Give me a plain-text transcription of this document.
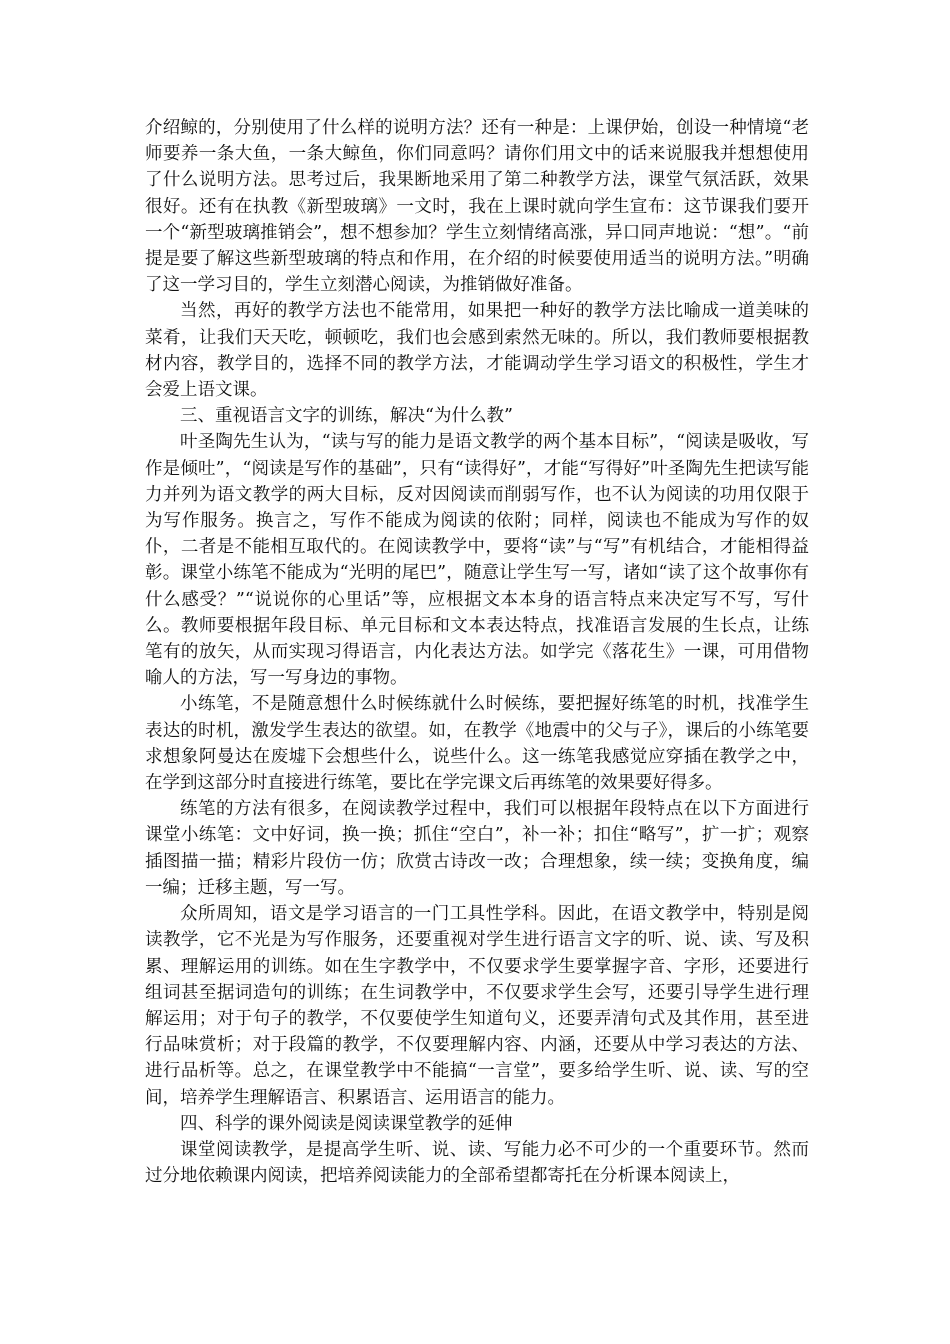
介绍鲸的，分别使用了什么样的说明方法？还有一种是：上课伊始，创设一种情境“老师要养一条大鱼，一条大鲸鱼，你们同意吗？请你们用文中的话来说服我并想想使用了什么说明方法。思考过后，我果断地采用了第二种教学方法，课堂气氛活跃，效果很好。还有在执教《新型玻璃》一文时，我在上课时就向学生宣布：这节课我们要开一个“新型玻璃推销会”，想不想参加？学生立刻情绪高涨，异口同声地说：“想”。“前提是要了解这些新型玻璃的特点和作用，在介绍的时候要使用适当的说明方法。”明确了这一学习目的，学生立刻潜心阅读，为推销做好准备。

当然，再好的教学方法也不能常用，如果把一种好的教学方法比喻成一道美味的菜肴，让我们天天吃，顿顿吃，我们也会感到索然无味的。所以，我们教师要根据教材内容，教学目的，选择不同的教学方法，才能调动学生学习语文的积极性，学生才会爱上语文课。

三、重视语言文字的训练，解决“为什么教”

叶圣陶先生认为，“读与写的能力是语文教学的两个基本目标”，“阅读是吸收，写作是倾吐”，“阅读是写作的基础”，只有“读得好”，才能“写得好”叶圣陶先生把读写能力并列为语文教学的两大目标，反对因阅读而削弱写作，也不认为阅读的功用仅限于为写作服务。换言之，写作不能成为阅读的依附；同样，阅读也不能成为写作的奴仆，二者是不能相互取代的。在阅读教学中，要将“读”与“写”有机结合，才能相得益彰。课堂小练笔不能成为“光明的尾巴”，随意让学生写一写，诸如“读了这个故事你有什么感受？”“说说你的心里话”等，应根据文本本身的语言特点来决定写不写，写什么。教师要根据年段目标、单元目标和文本表达特点，找准语言发展的生长点，让练笔有的放矢，从而实现习得语言，内化表达方法。如学完《落花生》一课，可用借物喻人的方法，写一写身边的事物。

小练笔，不是随意想什么时候练就什么时候练，要把握好练笔的时机，找准学生表达的时机，激发学生表达的欲望。如，在教学《地震中的父与子》，课后的小练笔要求想象阿曼达在废墟下会想些什么，说些什么。这一练笔我感觉应穿插在教学之中，在学到这部分时直接进行练笔，要比在学完课文后再练笔的效果要好得多。

练笔的方法有很多，在阅读教学过程中，我们可以根据年段特点在以下方面进行课堂小练笔：文中好词，换一换；抓住“空白”，补一补；扣住“略写”，扩一扩；观察插图描一描；精彩片段仿一仿；欣赏古诗改一改；合理想象，续一续；变换角度，编一编；迁移主题，写一写。

众所周知，语文是学习语言的一门工具性学科。因此，在语文教学中，特别是阅读教学，它不光是为写作服务，还要重视对学生进行语言文字的听、说、读、写及积累、理解运用的训练。如在生字教学中，不仅要求学生要掌握字音、字形，还要进行组词甚至据词造句的训练；在生词教学中，不仅要求学生会写，还要引导学生进行理解运用；对于句子的教学，不仅要使学生知道句义，还要弄清句式及其作用，甚至进行品味赏析；对于段篇的教学，不仅要理解内容、内涵，还要从中学习表达的方法、进行品析等。总之，在课堂教学中不能搞“一言堂”，要多给学生听、说、读、写的空间，培养学生理解语言、积累语言、运用语言的能力。

四、科学的课外阅读是阅读课堂教学的延伸

课堂阅读教学，是提高学生听、说、读、写能力必不可少的一个重要环节。然而过分地依赖课内阅读，把培养阅读能力的全部希望都寄托在分析课本阅读上，
